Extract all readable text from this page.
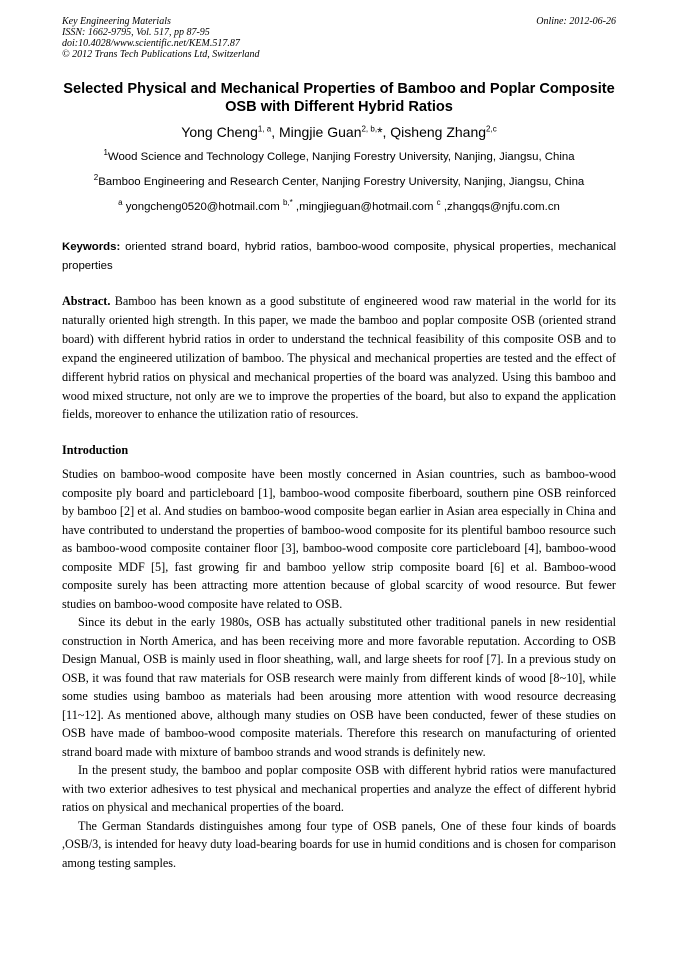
Key Engineering Materials
ISSN: 1662-9795, Vol. 517, pp 87-95
doi:10.4028/www.scientific.net/KEM.517.87
© 2012 Trans Tech Publications Ltd, Switzerland
Online: 2012-06-26
Selected Physical and Mechanical Properties of Bamboo and Poplar Composite OSB with Different Hybrid Ratios
Yong Cheng$^{1, a}$, Mingjie Guan$^{2, b,}$*, Qisheng Zhang$^{2,c}$
$^1$Wood Science and Technology College, Nanjing Forestry University, Nanjing, Jiangsu, China
$^2$Bamboo Engineering and Research Center, Nanjing Forestry University, Nanjing, Jiangsu, China
$^a$ yongcheng0520@hotmail.com $^{b,*}$ ,mingjieguan@hotmail.com $^c$ ,zhangqs@njfu.com.cn
Keywords: oriented strand board, hybrid ratios, bamboo-wood composite, physical properties, mechanical properties
Abstract. Bamboo has been known as a good substitute of engineered wood raw material in the world for its naturally oriented high strength. In this paper, we made the bamboo and poplar composite OSB (oriented strand board) with different hybrid ratios in order to understand the technical feasibility of this composite OSB and to expand the engineered utilization of bamboo. The physical and mechanical properties are tested and the effect of different hybrid ratios on physical and mechanical properties of the board was analyzed. Using this bamboo and wood mixed structure, not only are we to improve the properties of the board, but also to expand the application fields, moreover to enhance the utilization ratio of resources.
Introduction

Studies on bamboo-wood composite have been mostly concerned in Asian countries, such as bamboo-wood composite ply board and particleboard [1], bamboo-wood composite fiberboard, southern pine OSB reinforced by bamboo [2] et al. And studies on bamboo-wood composite began earlier in Asian area especially in China and have contributed to understand the properties of bamboo-wood composite for its plentiful bamboo resource such as bamboo-wood composite container floor [3], bamboo-wood composite core particleboard [4], bamboo-wood composite MDF [5], fast growing fir and bamboo yellow strip composite board [6] et al. Bamboo-wood composite surely has been attracting more attention because of global scarcity of wood resource. But fewer studies on bamboo-wood composite have related to OSB.

Since its debut in the early 1980s, OSB has actually substituted other traditional panels in new residential construction in North America, and has been receiving more and more favorable reputation. According to OSB Design Manual, OSB is mainly used in floor sheathing, wall, and large sheets for roof [7]. In a previous study on OSB, it was found that raw materials for OSB research were mainly from different kinds of wood [8~10], while some studies using bamboo as materials had been arousing more attention with wood resource decreasing [11~12]. As mentioned above, although many studies on OSB have been conducted, fewer of these studies on OSB have made of bamboo-wood composite materials. Therefore this research on manufacturing of oriented strand board made with mixture of bamboo strands and wood strands is definitely new.

In the present study, the bamboo and poplar composite OSB with different hybrid ratios were manufactured with two exterior adhesives to test physical and mechanical properties and analyze the effect of different hybrid ratios on physical and mechanical properties of the board.

The German Standards distinguishes among four type of OSB panels, One of these four kinds of boards ,OSB/3, is intended for heavy duty load-bearing boards for use in humid conditions and is chosen for comparison among testing samples.
